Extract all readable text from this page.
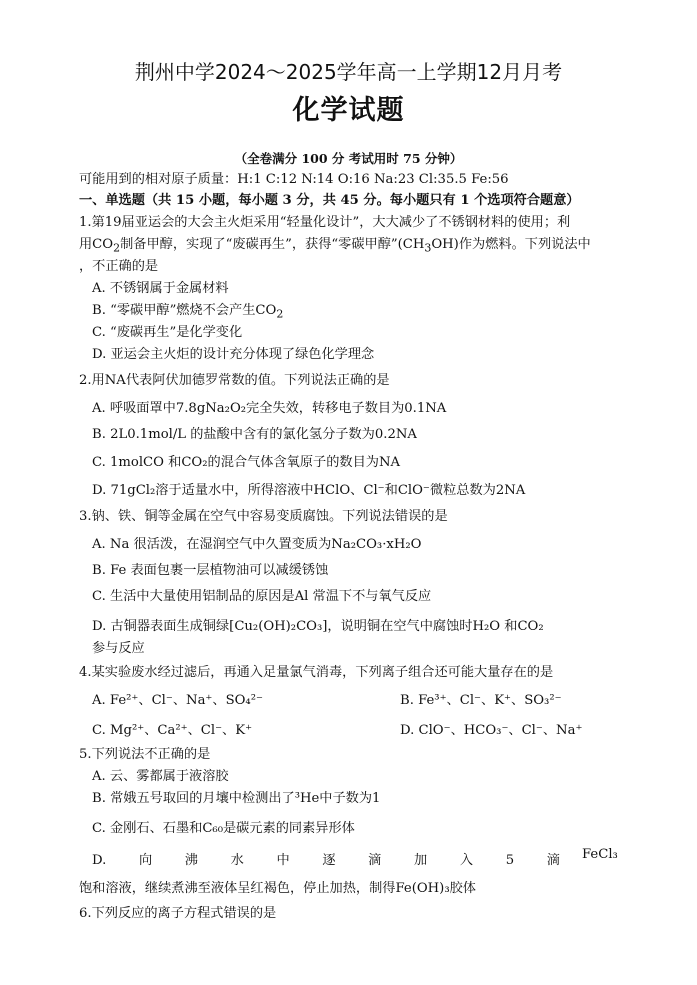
荆州中学2024～2025学年高一上学期12月月考
化学试题
（全卷满分 100 分 考试用时 75 分钟）
可能用到的相对原子质量：H:1 C:12 N:14 O:16 Na:23 Cl:35.5 Fe:56
一、单选题（共 15 小题，每小题 3 分，共 45 分。每小题只有 1 个选项符合题意）
1.第19届亚运会的大会主火炬采用“轻量化设计”，大大减少了不锈钢材料的使用；利
用$CO_2$制备甲醇，实现了“废碳再生”，获得“零碳甲醇$”(CH_3OH)$作为燃料。下列说法中
，不正确的是
A. 不锈钢属于金属材料
B. “零碳甲醇”燃烧不会产生$CO_2$
C. “废碳再生”是化学变化
D. 亚运会主火炬的设计充分体现了绿色化学理念
2.用NA代表阿伏加德罗常数的值。下列说法正确的是
A. 呼吸面罩中7.8gNa₂O₂完全失效，转移电子数目为0.1NA
B. 2L0.1mol/L 的盐酸中含有的氯化氢分子数为0.2NA
C. 1molCO 和CO₂的混合气体含氧原子的数目为NA
D. 71gCl₂溶于适量水中，所得溶液中HClO、Cl⁻和ClO⁻微粒总数为2NA
3.钠、铁、铜等金属在空气中容易变质腐蚀。下列说法错误的是
A. Na 很活泼，在湿润空气中久置变质为Na₂CO₃·xH₂O
B. Fe 表面包裹一层植物油可以减缓锈蚀
C. 生活中大量使用铝制品的原因是Al 常温下不与氧气反应
D. 古铜器表面生成铜绿[Cu₂(OH)₂CO₃]，说明铜在空气中腐蚀时H₂O 和CO₂
参与反应
4.某实验废水经过滤后，再通入足量氯气消毒，下列离子组合还可能大量存在的是
A. Fe²⁺、Cl⁻、Na⁺、SO₄²⁻	B. Fe³⁺、Cl⁻、K⁺、SO₃²⁻
C. Mg²⁺、Ca²⁺、Cl⁻、K⁺	D. ClO⁻、HCO₃⁻、Cl⁻、Na⁺
5.下列说法不正确的是
A. 云、雾都属于液溶胶
B. 常娥五号取回的月壤中检测出了³He中子数为1
C. 金刚石、石墨和C₆₀是碳元素的同素异形体
D. 向 沸 水 中 逐 滴 加 入 5 滴 FeCl₃
饱和溶液，继续煮沸至液体呈红褐色，停止加热，制得Fe(OH)₃胶体
6.下列反应的离子方程式错误的是
